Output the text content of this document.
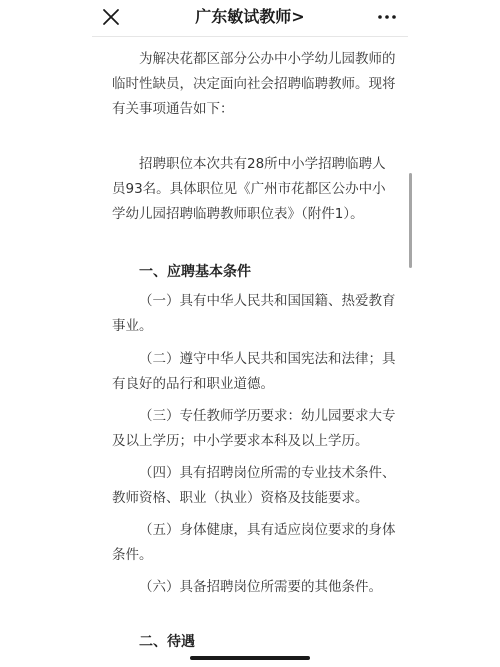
广东敏试教师>

为解决花都区部分公办中小学幼儿园教师的临时性缺员，决定面向社会招聘临聘教师。现将有关事项通告如下：

招聘职位本次共有28所中小学招聘临聘人员93名。具体职位见《广州市花都区公办中小学幼儿园招聘临聘教师职位表》（附件1）。

一、应聘基本条件

（一）具有中华人民共和国国籍、热爱教育事业。

（二）遵守中华人民共和国宪法和法律；具有良好的品行和职业道德。

（三）专任教师学历要求：幼儿园要求大专及以上学历；中小学要求本科及以上学历。

（四）具有招聘岗位所需的专业技术条件、教师资格、职业（执业）资格及技能要求。

（五）身体健康，具有适应岗位要求的身体条件。

（六）具备招聘岗位所需要的其他条件。

二、待遇
